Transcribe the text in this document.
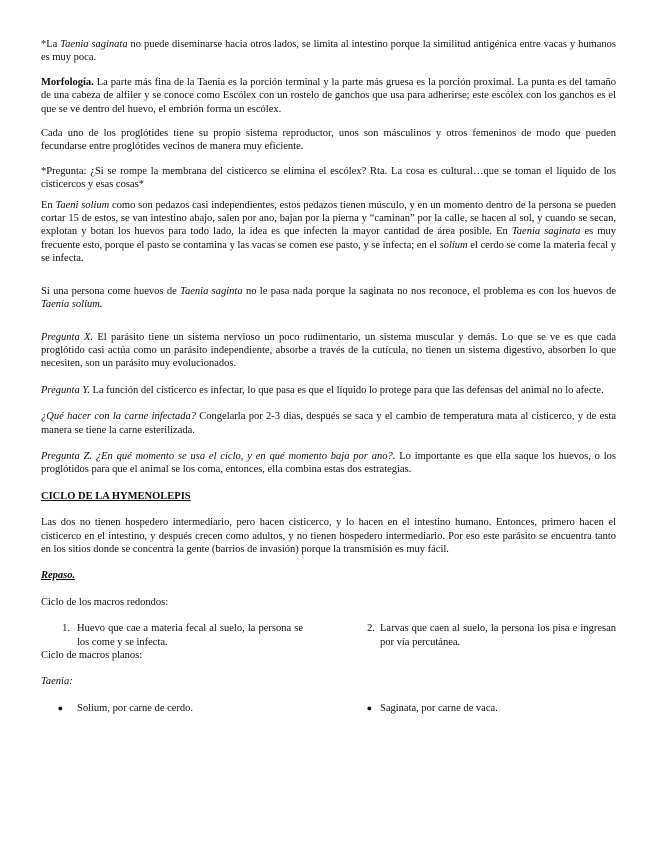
*La Taenia saginata no puede diseminarse hacia otros lados, se limita al intestino porque la similitud antigénica entre vacas y humanos es muy poca.

Morfología. La parte más fina de la Taenia es la porción terminal y la parte más gruesa es la porción proximal. La punta es del tamaño de una cabeza de alfiler y se conoce como Escólex con un rostelo de ganchos que usa para adherirse; este escólex con los ganchos es el que se ve dentro del huevo, el embrión forma un escólex.

Cada uno de los proglótides tiene su propio sistema reproductor, unos son másculinos y otros femeninos de modo que pueden fecundarse entre proglótides vecinos de manera muy eficiente.

*Pregunta: ¿Si se rompe la membrana del cisticerco se elimina el escólex? Rta. La cosa es cultural…que se toman el líquido de los cisticercos y esas cosas*

En Taeni solium como son pedazos casi independientes, estos pedazos tienen músculo, y en un momento dentro de la persona se pueden cortar 15 de estos, se van intestino abajo, salen por ano, bajan por la pierna y “caminan” por la calle, se hacen al sol, y cuando se secan, explotan y botan los huevos para todo lado, la idea es que infecten la mayor cantidad de área posible. En Taenia saginata es muy frecuente esto, porque el pasto se contamina y las vacas se comen ese pasto, y se infecta; en el solium el cerdo se come la materia fecal y se infecta.

Si una persona come huevos de Taenia saginta no le pasa nada porque la saginata no nos reconoce, el problema es con los huevos de Taenia solium.

Pregunta X. El parásito tiene un sistema nervioso un poco rudimentario, un sistema muscular y demás. Lo que se ve es que cada proglótido casi actúa como un parásito independiente, absorbe a través de la cutícula, no tienen un sistema digestivo, absorben lo que necesiten, son un parásito muy evolucionados.

Pregunta Y. La función del cisticerco es infectar, lo que pasa es que el líquido lo protege para que las defensas del animal no lo afecte.

¿Qué hacer con la carne infectada? Congelarla por 2-3 días, después se saca y el cambio de temperatura mata al cisticerco, y de esta manera se tiene la carne esterilizada.

Pregunta Z. ¿En qué momento se usa el ciclo, y en qué momento baja por ano?. Lo importante es que ella saque los huevos, o los proglótidos para que el animal se los coma, entonces, ella combina estas dos estrategias.

CICLO DE LA HYMENOLEPIS

Las dos no tienen hospedero intermediario, pero hacen cisticerco, y lo hacen en el intestino humano. Entonces, primero hacen el cisticerco en el intestino, y después crecen como adultos, y no tienen hospedero intermediario. Por eso este parásito se encuentra tanto en los sitios donde se concentra la gente (barrios de invasión) porque la transmisión es muy fácil.

Repaso.

Ciclo de los macros redondos:

1. Huevo que cae a materia fecal al suelo, la persona se los come y se infecta.
2. Larvas que caen al suelo, la persona los pisa e ingresan por vía percutánea.

Ciclo de macros planos:

Taenia:

●	Solium, por carne de cerdo.	● Saginata, por carne de vaca.
